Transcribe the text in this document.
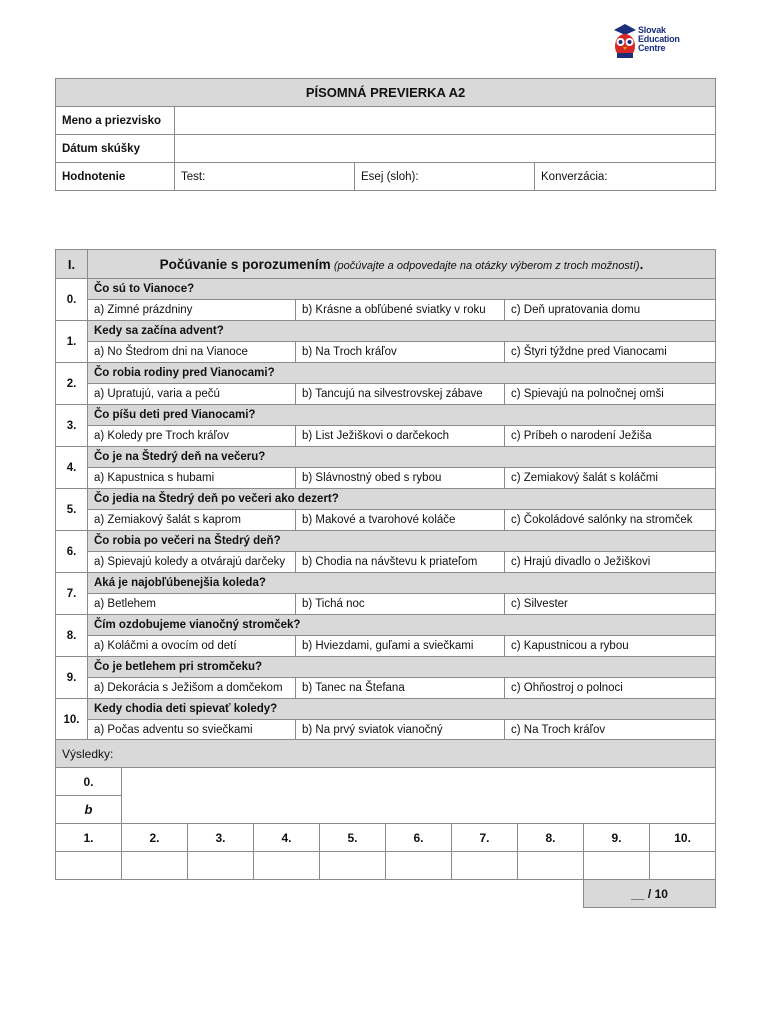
Slovak
Education
Centre
PÍSOMNÁ PREVIERKA A2			
Meno a priezvisko			
Dátum skúšky			
Hodnotenie	Test:	Esej (sloh):	Konverzácia:
I.	Počúvanie s porozumením (počúvajte a odpovedajte na otázky výberom z troch možností).		
0.	Čo sú to Vianoce?		
	a) Zimné prázdniny	b) Krásne a obľúbené sviatky v roku	c) Deň upratovania domu
1.	Kedy sa začína advent?		
	a) No Štedrom dni na Vianoce	b) Na Troch kráľov	c) Štyri týždne pred Vianocami
2.	Čo robia rodiny pred Vianocami?		
	a) Upratujú, varia a pečú	b) Tancujú na silvestrovskej zábave	c) Spievajú na polnočnej omši
3.	Čo píšu deti pred Vianocami?		
	a) Koledy pre Troch kráľov	b) List Ježiškovi o darčekoch	c) Príbeh o narodení Ježiša
4.	Čo je na Štedrý deň na večeru?		
	a) Kapustnica s hubami	b) Slávnostný obed s rybou	c) Zemiakový šalát s koláčmi
5.	Čo jedia na Štedrý deň po večeri ako dezert?		
	a) Zemiakový šalát s kaprom	b) Makové a tvarohové koláče	c) Čokoládové salónky na stromček
6.	Čo robia po večeri na Štedrý deň?		
	a) Spievajú koledy a otvárajú darčeky	b) Chodia na návštevu k priateľom	c) Hrajú divadlo o Ježiškovi
7.	Aká je najobľúbenejšia koleda?		
	a) Betlehem	b) Tichá noc	c) Silvester
8.	Čím ozdobujeme vianočný stromček?		
	a) Koláčmi a ovocím od detí	b) Hviezdami, guľami a sviečkami	c) Kapustnicou a rybou
9.	Čo je betlehem pri stromčeku?		
	a) Dekorácia s Ježišom a domčekom	b) Tanec na Štefana	c) Ohňostroj o polnoci
10.	Kedy chodia deti spievať koledy?		
	a) Počas adventu so sviečkami	b) Na prvý sviatok vianočný	c) Na Troch kráľov
Výsledky:									
0.									
b									
1.	2.	3.	4.	5.	6.	7.	8.	9.	10.

								__ / 10	
